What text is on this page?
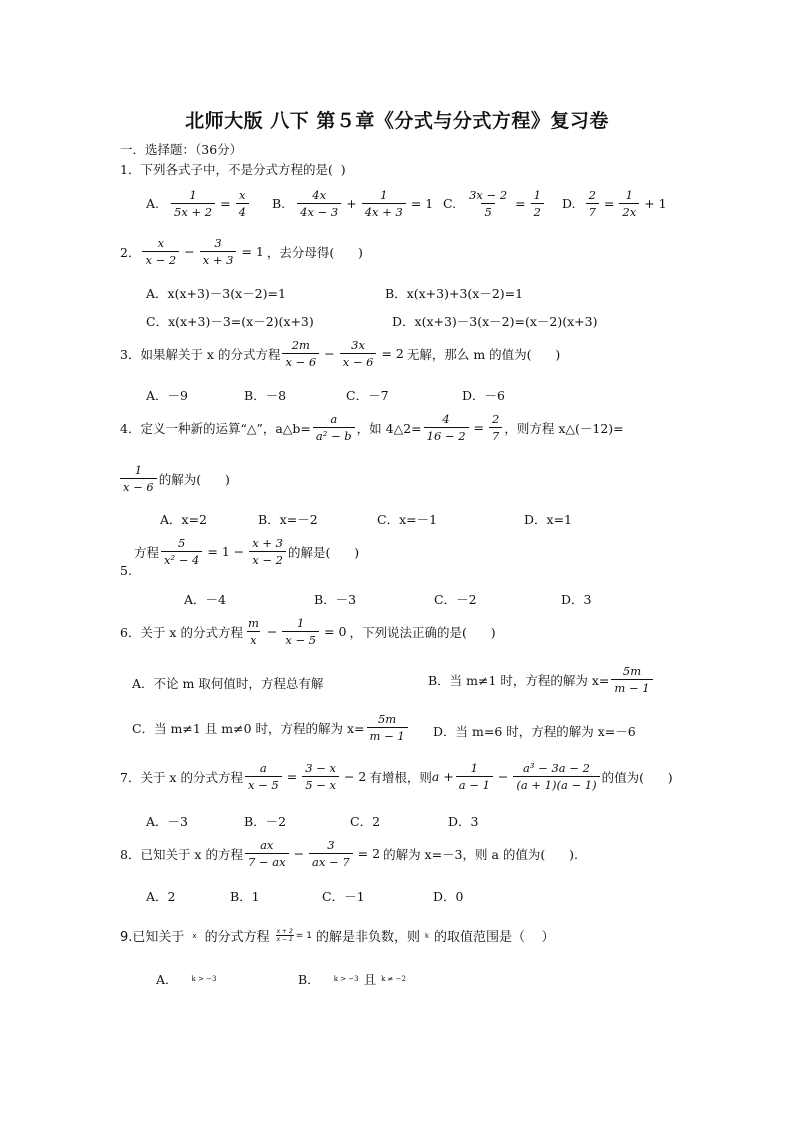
北师大版 八下 第５章《分式与分式方程》复习卷
一．选择题：（36分）
1．下列各式子中，不是分式方程的是(  )
A. $\frac{1}{5x + 2} = \frac{x}{4} B$. $\frac{4x}{4x - 3} + \frac{1}{4x + 3} = 1$ C. $\frac{3x - 2}{5} = \frac{1}{2} D$. $\frac{2}{7} = \frac{1}{2x} + 1$
2． $\frac{x}{x - 2} - \frac{3}{x + 3} = 1$ ，去分母得(      )
A．x(x+3)－3(x－2)=1	B．x(x+3)+3(x－2)=1
C．x(x+3)－3=(x－2)(x+3)	D．x(x+3)－3(x－2)=(x－2)(x+3)
3．如果解关于 x 的分式方程 $\frac{2m}{x - 6} - \frac{3x}{x - 6} = 2$ 无解，那么 m 的值为(      )
A．－9	B．－8	C．－7	D．－6
4．定义一种新的运算“△”，a△b= $\frac{a}{\text{a² − b}}$ ，如 4△2= $\frac{4}{16 - 2} = \frac{2}{7}$ ，则方程 x△(－12)=
$\frac{1}{x - 6}$ 的解为(      )
A．x=2	B．x=－2	C．x=－1	D．x=1
方程 $\frac{5}{\text{x² − 4}} = 1 - \frac{x + 3}{x - 2}$ 的解是(      )
5.
A．－4	B．－3	C．－2	D．3
6．关于 x 的分式方程 $\frac{m}{x} - \frac{1}{x - 5} = 0$ ，下列说法正确的是(      )
A．不论 m 取何值时，方程总有解	B．当 m≠1 时，方程的解为 $x= \frac{5m}{m - 1}$
C．当 m≠1 且 m≠0 时，方程的解为 $x= \frac{5m}{m - 1}$ D．当 m=6 时，方程的解为 x=－6
7．关于 x 的分式方程 $\frac{a}{x - 5} = \frac{3 - x}{5 - x} - 2$ 有增根，则 $a + \frac{1}{a - 1} - \frac{\text{a³ − 3a − 2}}{(a + 1)(a - 1)}$ 的值为(      )
A．－3	B．－2	C．2	D．3
8．已知关于 x 的方程 $\frac{ax}{7 - ax} - \frac{3}{ax - 7} = 2$ 的解为 x=－3，则 a 的值为(      ).
A．2	B．1	C．－1	D．0
9.已知关于 x 的分式方程 $\frac{x + 2}{x - 1} = 1$ 的解是非负数，则 k 的取值范围是（    ）
A． k > −3	B． k > −3 且 k ≠ −2
